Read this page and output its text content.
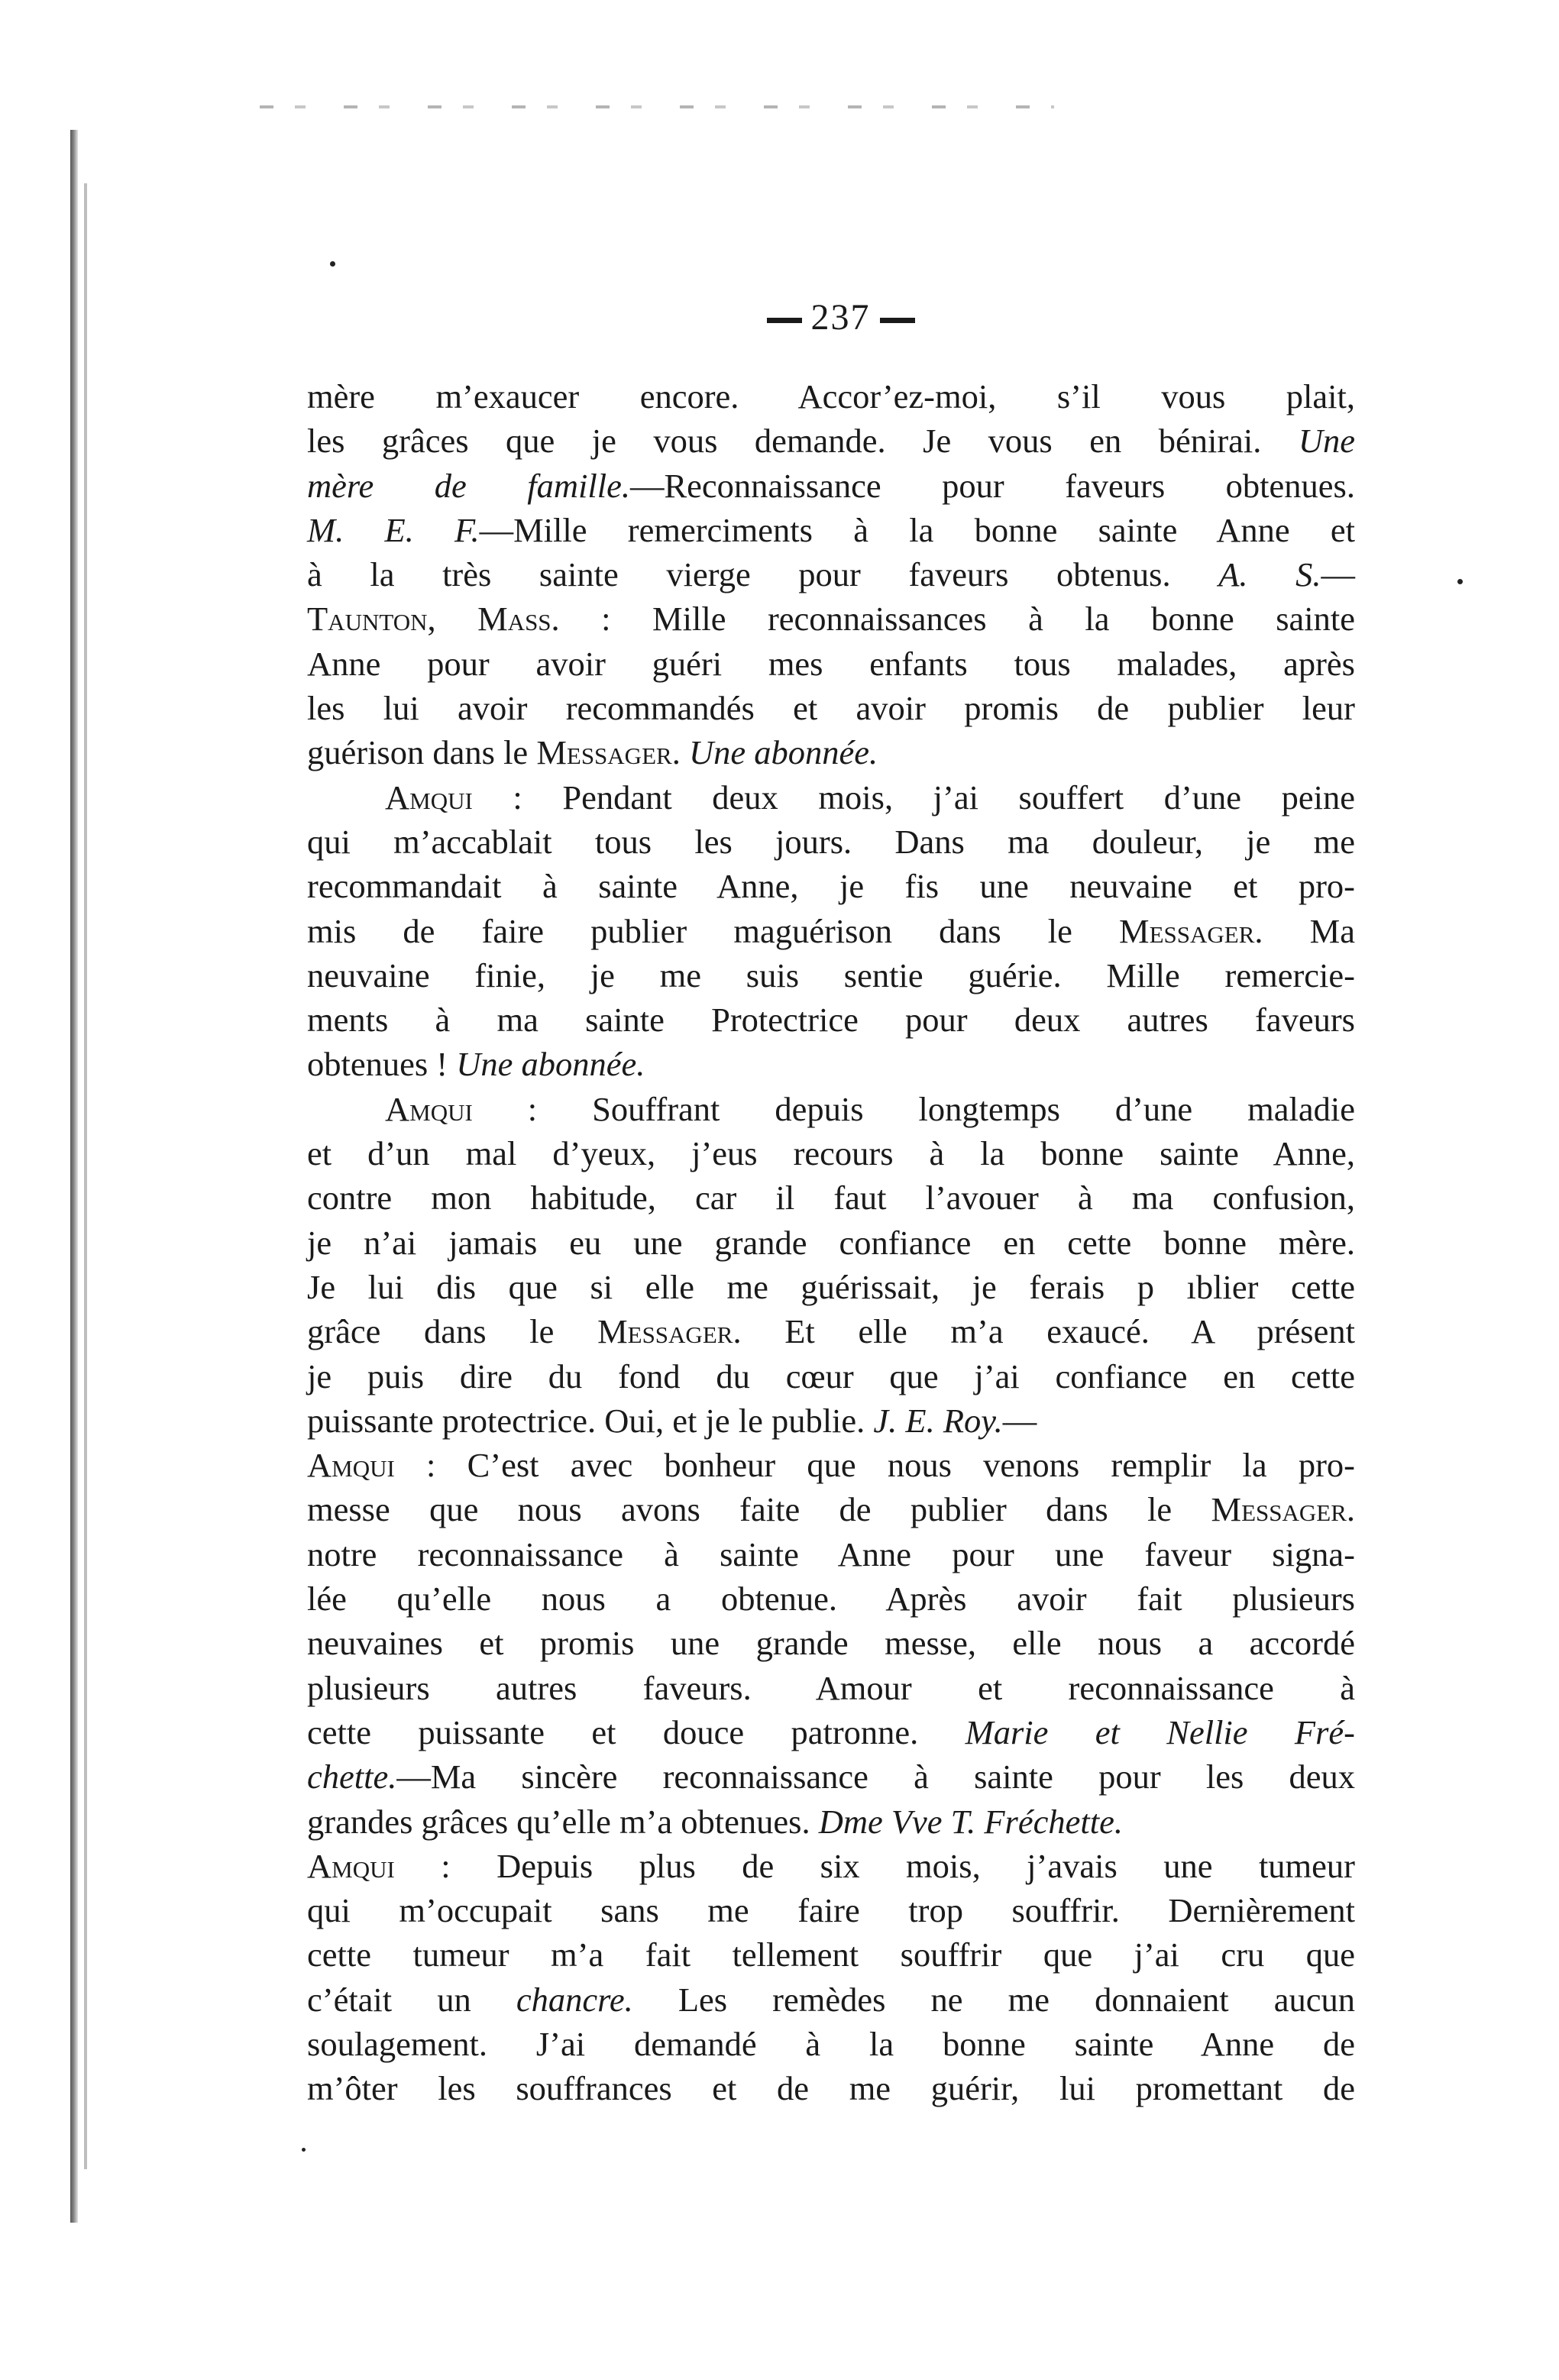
237

mère m’exaucer encore. Accor’ez-moi, s’il vous plait,

les grâces que je vous demande. Je vous en bénirai. Une

mère de famille.—Reconnaissance pour faveurs obtenues.

M. E. F.—Mille remerciments à la bonne sainte Anne et

à la très sainte vierge pour faveurs obtenus. A. S.—

Taunton, Mass. : Mille reconnaissances à la bonne sainte

Anne pour avoir guéri mes enfants tous malades, après

les lui avoir recommandés et avoir promis de publier leur

guérison dans le Messager. Une abonnée.

Amqui : Pendant deux mois, j’ai souffert d’une peine

qui m’accablait tous les jours. Dans ma douleur, je me

recommandait à sainte Anne, je fis une neuvaine et pro-

mis de faire publier maguérison dans le Messager. Ma

neuvaine finie, je me suis sentie guérie. Mille remercie-

ments à ma sainte Protectrice pour deux autres faveurs

obtenues ! Une abonnée.

Amqui : Souffrant depuis longtemps d’une maladie

et d’un mal d’yeux, j’eus recours à la bonne sainte Anne,

contre mon habitude, car il faut l’avouer à ma confusion,

je n’ai jamais eu une grande confiance en cette bonne mère.

Je lui dis que si elle me guérissait, je ferais p ıblier cette

grâce dans le Messager. Et elle m’a exaucé. A présent

je puis dire du fond du cœur que j’ai confiance en cette

puissante protectrice. Oui, et je le publie. J. E. Roy.—

Amqui : C’est avec bonheur que nous venons remplir la pro-

messe que nous avons faite de publier dans le Messager.

notre reconnaissance à sainte Anne pour une faveur signa-

lée qu’elle nous a obtenue. Après avoir fait plusieurs

neuvaines et promis une grande messe, elle nous a accordé

plusieurs autres faveurs. Amour et reconnaissance à

cette puissante et douce patronne. Marie et Nellie Fré-

chette.—Ma sincère reconnaissance à sainte pour les deux

grandes grâces qu’elle m’a obtenues. Dme Vve T. Fréchette.

Amqui : Depuis plus de six mois, j’avais une tumeur

qui m’occupait sans me faire trop souffrir. Dernièrement

cette tumeur m’a fait tellement souffrir que j’ai cru que

c’était un chancre. Les remèdes ne me donnaient aucun

soulagement. J’ai demandé à la bonne sainte Anne de

m’ôter les souffrances et de me guérir, lui promettant de
